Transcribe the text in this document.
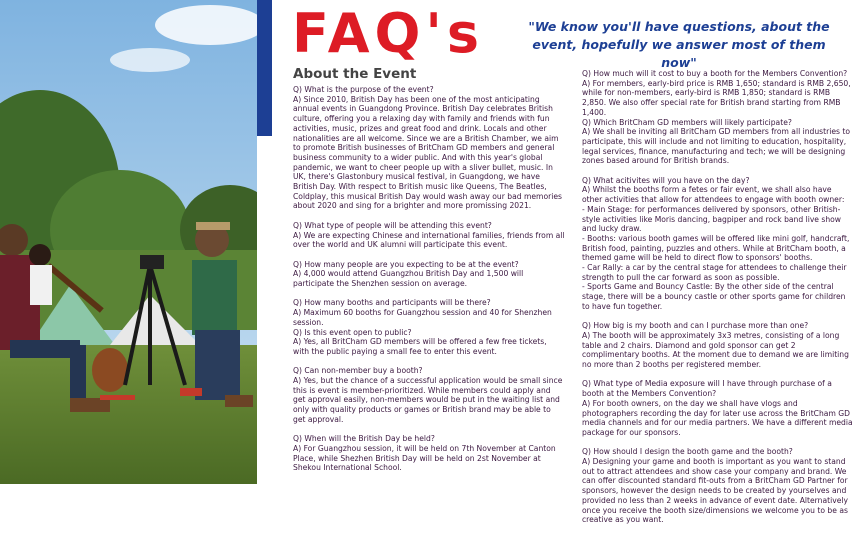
FAQ's	"We know you'll have questions, about the event, hopefully we answer most of them now"

About the Event

Q) What is the purpose of the event?

A) Since 2010, British Day has been one of the most anticipating annual events in Guangdong Province. British Day celebrates British culture, offering you a relaxing day with family and friends with fun activities, music, prizes and great food and drink. Locals and other nationalities are all welcome. Since we are a British Chamber, we aim to promote British businesses of BritCham GD members and general business community to a wider public. And with this year's global pandemic, we want to cheer people up with a sliver bullet, music. In UK, there's Glastonbury musical festival, in Guangdong, we have British Day. With respect to British music like Queens, The Beatles, Coldplay, this musical British Day would wash away our bad memories about 2020 and sing for a brighter and more promissing 2021.

Q) What type of people will be attending this event?

A) We are expecting Chinese and international families, friends from all over the world and UK alumni will participate this event.

Q) How many people are you expecting to be at the event?

A) 4,000 would attend Guangzhou British Day and 1,500 will participate the Shenzhen session on average.

Q) How many booths and participants will be there?

A) Maximum 60 booths for Guangzhou session and 40 for Shenzhen session.
Q) Is this event open to public?
A) Yes, all BritCham GD members will be offered a few free tickets, with the public paying a small fee to enter this event.

Q) Can non-member buy a booth?

A) Yes, but the chance of a successful application would be small since this is event is member-prioritized. While members could apply and get approval easily, non-members would be put in the waiting list and only with quality products or games or British brand may be able to get approval.

Q) When will the British Day be held?

A) For Guangzhou session, it will be held on 7th November at Canton Place, while Shezhen British Day will be held on 2st November at Shekou International School.

Q) How much will it cost to buy a booth for the Members Convention?

A) For members, early-bird price is RMB 1,650; standard is RMB 2,650, while for non-members, early-bird is RMB 1,850; standard is RMB 2,850. We also offer special rate for British brand starting from RMB 1,400.
Q) Which BritCham GD members will likely participate?
A) We shall be inviting all BritCham GD members from all industries to participate, this will include and not limiting to education, hospitality, legal services, finance, manufacturing and tech; we will be designing zones based around for British brands.

Q) What acitivites will you have on the day?

A) Whilst the booths form a fetes or fair event, we shall also have other activities that allow for attendees to engage with booth owner:
- Main Stage: for performances delivered by sponsors, other British-style activities like Moris dancing, bagpiper and rock band live show and lucky draw.
- Booths: various booth games will be offered like mini golf, handcraft, British food, painting, puzzles and others. While at BritCham booth, a themed game will be held to direct flow to sponsors' booths.
- Car Rally: a car by the central stage for attendees to challenge their strength to pull the car forward as soon as possible.
- Sports Game and Bouncy Castle: By the other side of the central stage, there will be a bouncy castle or other sports game for children to have fun together.

Q) How big is my booth and can I purchase more than one?

A) The booth will be approximately 3x3 metres, consisting of a long table and 2 chairs. Diamond and gold sponsor can get 2 complimentary booths. At the moment due to demand we are limiting no more than 2 booths per registered member.

Q) What type of Media exposure will I have through purchase of a booth at the Members Convention?

A) For booth owners, on the day we shall have vlogs and photographers recording the day for later use across the BritCham GD media channels and for our media partners. We have a different media package for our sponsors.

Q) How should I design the booth game and the booth?

A) Designing your game and booth is important as you want to stand out to attract attendees and show case your company and brand. We can offer discounted standard fit-outs from a BritCham GD Partner for sponsors, however the design needs to be created by yourselves and provided no less than 2 weeks in advance of event date. Alternatively once you receive the booth size/dimensions we welcome you to be as creative as you want.
